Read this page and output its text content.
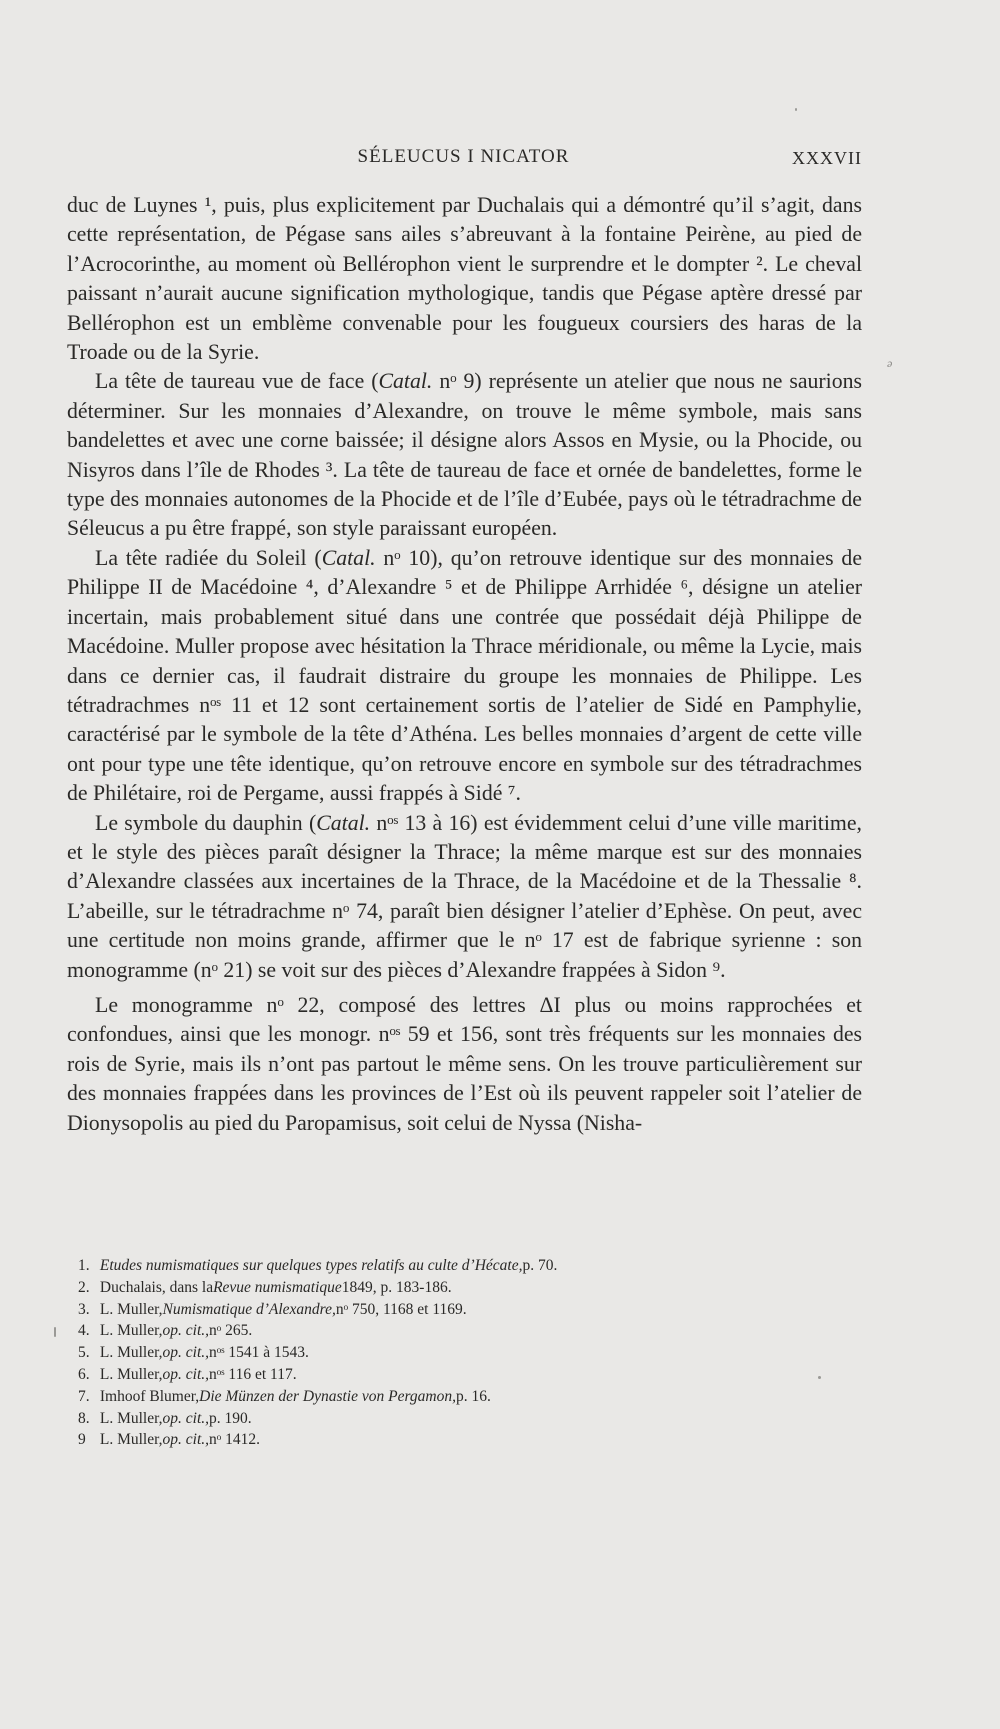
SÉLEUCUS I NICATOR	XXXVII
ǝ

duc de Luynes ¹, puis, plus explicitement par Duchalais qui a démontré qu’il s’agit, dans cette représentation, de Pégase sans ailes s’abreuvant à la fontaine Peirène, au pied de l’Acrocorinthe, au moment où Bellérophon vient le surprendre et le dompter ². Le cheval paissant n’aurait aucune signification mythologique, tandis que Pégase aptère dressé par Bellérophon est un emblème convenable pour les fougueux coursiers des haras de la Troade ou de la Syrie.

La tête de taureau vue de face (Catal. nᵒ 9) représente un atelier que nous ne saurions déterminer. Sur les monnaies d’Alexandre, on trouve le même symbole, mais sans bandelettes et avec une corne baissée; il désigne alors Assos en Mysie, ou la Phocide, ou Nisyros dans l’île de Rhodes ³. La tête de taureau de face et ornée de bandelettes, forme le type des monnaies autonomes de la Phocide et de l’île d’Eubée, pays où le tétradrachme de Séleucus a pu être frappé, son style paraissant européen.

La tête radiée du Soleil (Catal. nᵒ 10), qu’on retrouve identique sur des monnaies de Philippe II de Macédoine ⁴, d’Alexandre ⁵ et de Philippe Arrhidée ⁶, désigne un atelier incertain, mais probablement situé dans une contrée que possédait déjà Philippe de Macédoine. Muller propose avec hésitation la Thrace méridionale, ou même la Lycie, mais dans ce dernier cas, il faudrait distraire du groupe les monnaies de Philippe. Les tétradrachmes nᵒˢ 11 et 12 sont certainement sortis de l’atelier de Sidé en Pamphylie, caractérisé par le symbole de la tête d’Athéna. Les belles monnaies d’argent de cette ville ont pour type une tête identique, qu’on retrouve encore en symbole sur des tétradrachmes de Philétaire, roi de Pergame, aussi frappés à Sidé ⁷.

Le symbole du dauphin (Catal. nᵒˢ 13 à 16) est évidemment celui d’une ville maritime, et le style des pièces paraît désigner la Thrace; la même marque est sur des monnaies d’Alexandre classées aux incertaines de la Thrace, de la Macédoine et de la Thessalie ⁸. L’abeille, sur le tétradrachme nᵒ 74, paraît bien désigner l’atelier d’Ephèse. On peut, avec une certitude non moins grande, affirmer que le nᵒ 17 est de fabrique syrienne : son monogramme (nᵒ 21) se voit sur des pièces d’Alexandre frappées à Sidon ⁹.

Le monogramme nᵒ 22, composé des lettres ΔΙ plus ou moins rapprochées et confondues, ainsi que les monogr. nᵒˢ 59 et 156, sont très fréquents sur les monnaies des rois de Syrie, mais ils n’ont pas partout le même sens. On les trouve particulièrement sur des monnaies frappées dans les provinces de l’Est où ils peuvent rappeler soit l’atelier de Dionysopolis au pied du Paropamisus, soit celui de Nyssa (Nisha-

1.
Etudes numismatiques sur quelques types relatifs au culte d’Hécate, p. 70.
2.
Duchalais, dans la Revue numismatique 1849, p. 183-186.
3.
L. Muller, Numismatique d’Alexandre, nᵒ 750, 1168 et 1169.
4.
L. Muller, op. cit., nᵒ 265.
5.
L. Muller, op. cit., nᵒˢ 1541 à 1543.
6.
L. Muller, op. cit., nᵒˢ 116 et 117.
7.
Imhoof Blumer, Die Münzen der Dynastie von Pergamon, p. 16.
8.
L. Muller, op. cit., p. 190.
9
L. Muller, op. cit., nᵒ 1412.
